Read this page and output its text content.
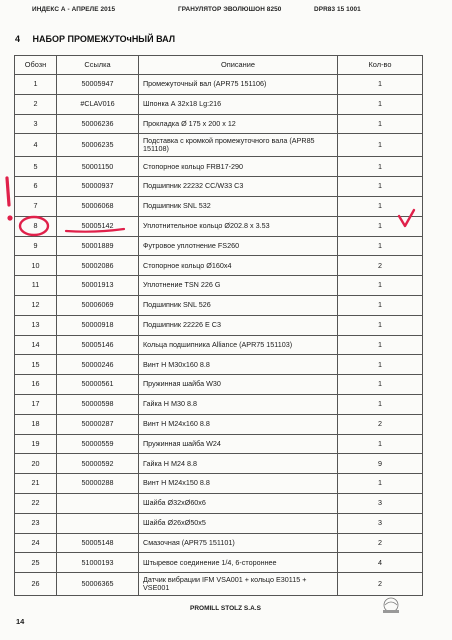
ИНДЕКС А - АПРЕЛЕ 2015	ГРАНУЛЯТОР ЭВОЛЮШОН 8250	DPR83 15 1001
4 НАБОР ПРОМЕЖУТОчНЫЙ ВАЛ
Обозн	Ссылка	Описание	Кол-во
1	50005947	Промежуточный вал (APR75 151106)	1
2	#CLAV016	Шпонка А 32x18 Lg:216	1
3	50006236	Прокладка Ø 175 x 200 x 12	1
4	50006235	Подставка с кромкой промежуточного вала (APR85 151108)	1
5	50001150	Стопорное кольцо FRB17-290	1
6	50000937	Подшипник 22232 CC/W33 C3	1
7	50006068	Подшипник SNL 532	1
8	50005142	Уплотнительное кольцо Ø202.8 x 3.53	1
9	50001889	Футровое уплотнение FS260	1
10	50002086	Стопорное кольцо Ø160x4	2
11	50001913	Уплотнение TSN 226 G	1
12	50006069	Подшипник SNL 526	1
13	50000918	Подшипник 22226 E C3	1
14	50005146	Кольца подшипника Alliance (APR75 151103)	1
15	50000246	Винт Н M30x160 8.8	1
16	50000561	Пружинная шайба W30	1
17	50000598	Гайка Н M30 8.8	1
18	50000287	Винт Н M24x160 8.8	2
19	50000559	Пружинная шайба W24	1
20	50000592	Гайка Н M24 8.8	9
21	50000288	Винт Н M24x150 8.8	1
22		Шайба Ø32xØ60x6	3
23		Шайба Ø26xØ50x5	3
24	50005148	Смазочная (APR75 151101)	2
25	51000193	Штыревое соединение 1/4, 6-стороннее	4
26	50006365	Датчик вибрации IFM VSA001 + кольцо E30115 + VSE001	2
14
PROMILL STOLZ S.A.S
